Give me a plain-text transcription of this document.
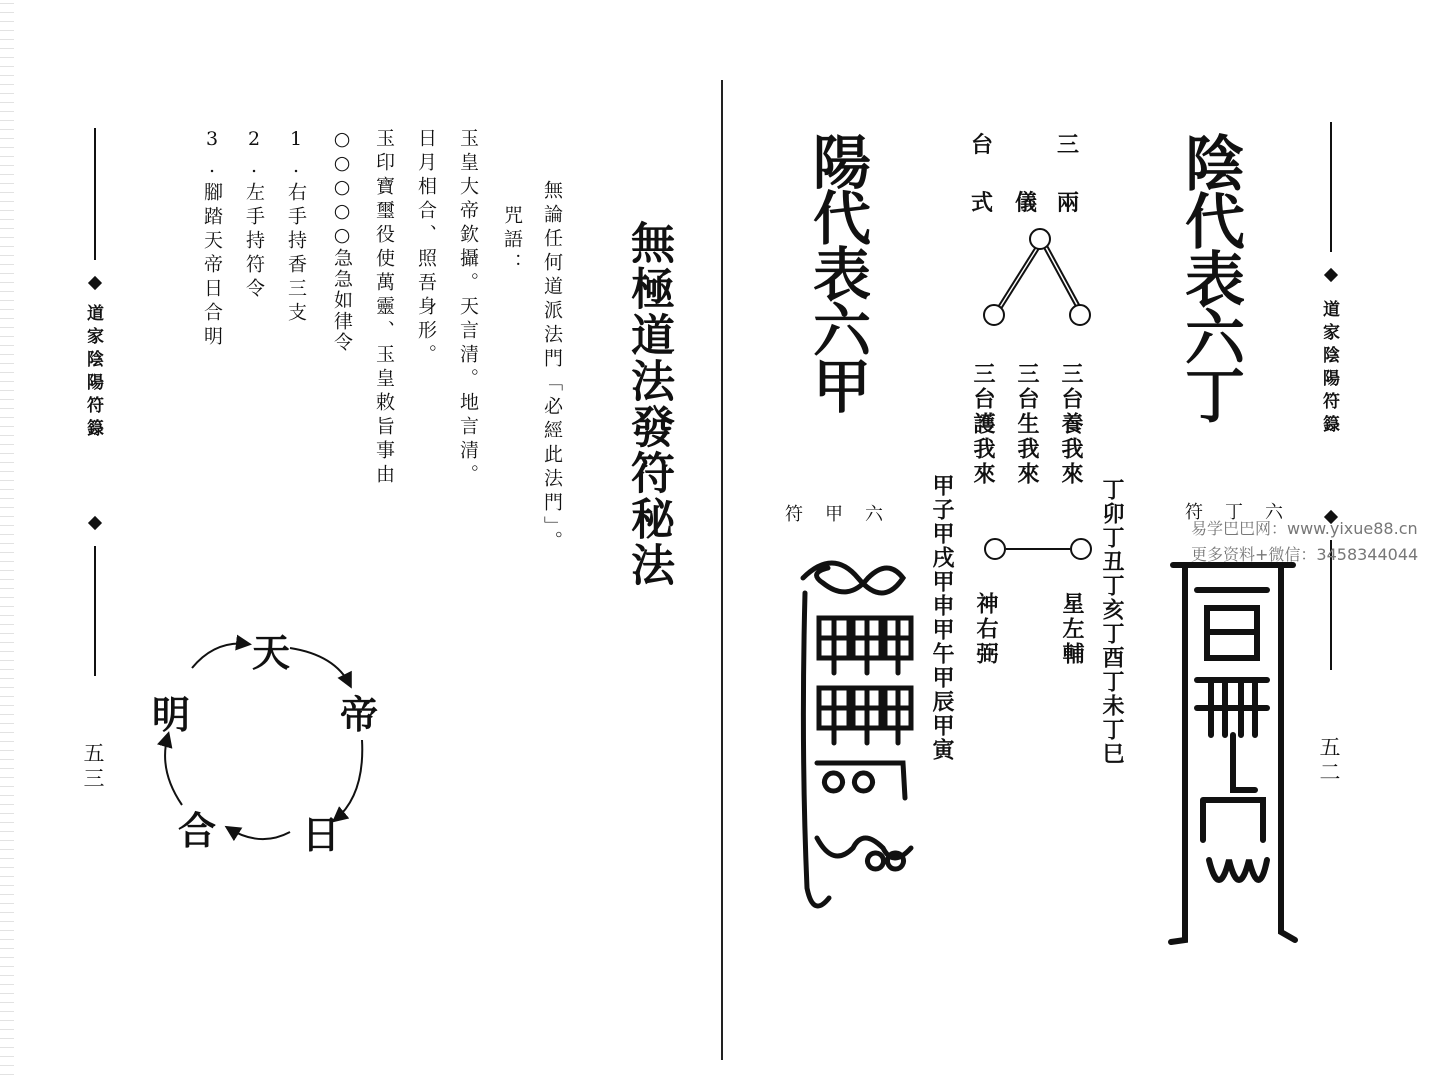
道家陰陽符籙
五三
無極道法發符秘法
無論任何道派法門「必經此法門」。
咒語：
玉皇大帝欽攝。天言清。地言清。
日月相合、照吾身形。
玉印寶璽役使萬靈、玉皇敕旨事由
○○○○○急急如律令
1.右手持香三支
2.左手持符令
3.腳踏天帝日合明
天
帝
日
合
明
道家陰陽符籙
五二
陰代表六丁
陽代表六甲	三
台
兩
儀
式
三台養我來
三台生我來
三台護我來
星左輔
神右弼	丁卯丁丑丁亥丁酉丁未丁巳
甲子甲戌甲申甲午甲辰甲寅	六丁符
六甲符
易学巴巴网：www.yixue88.cn
更多资料+微信：3458344044
